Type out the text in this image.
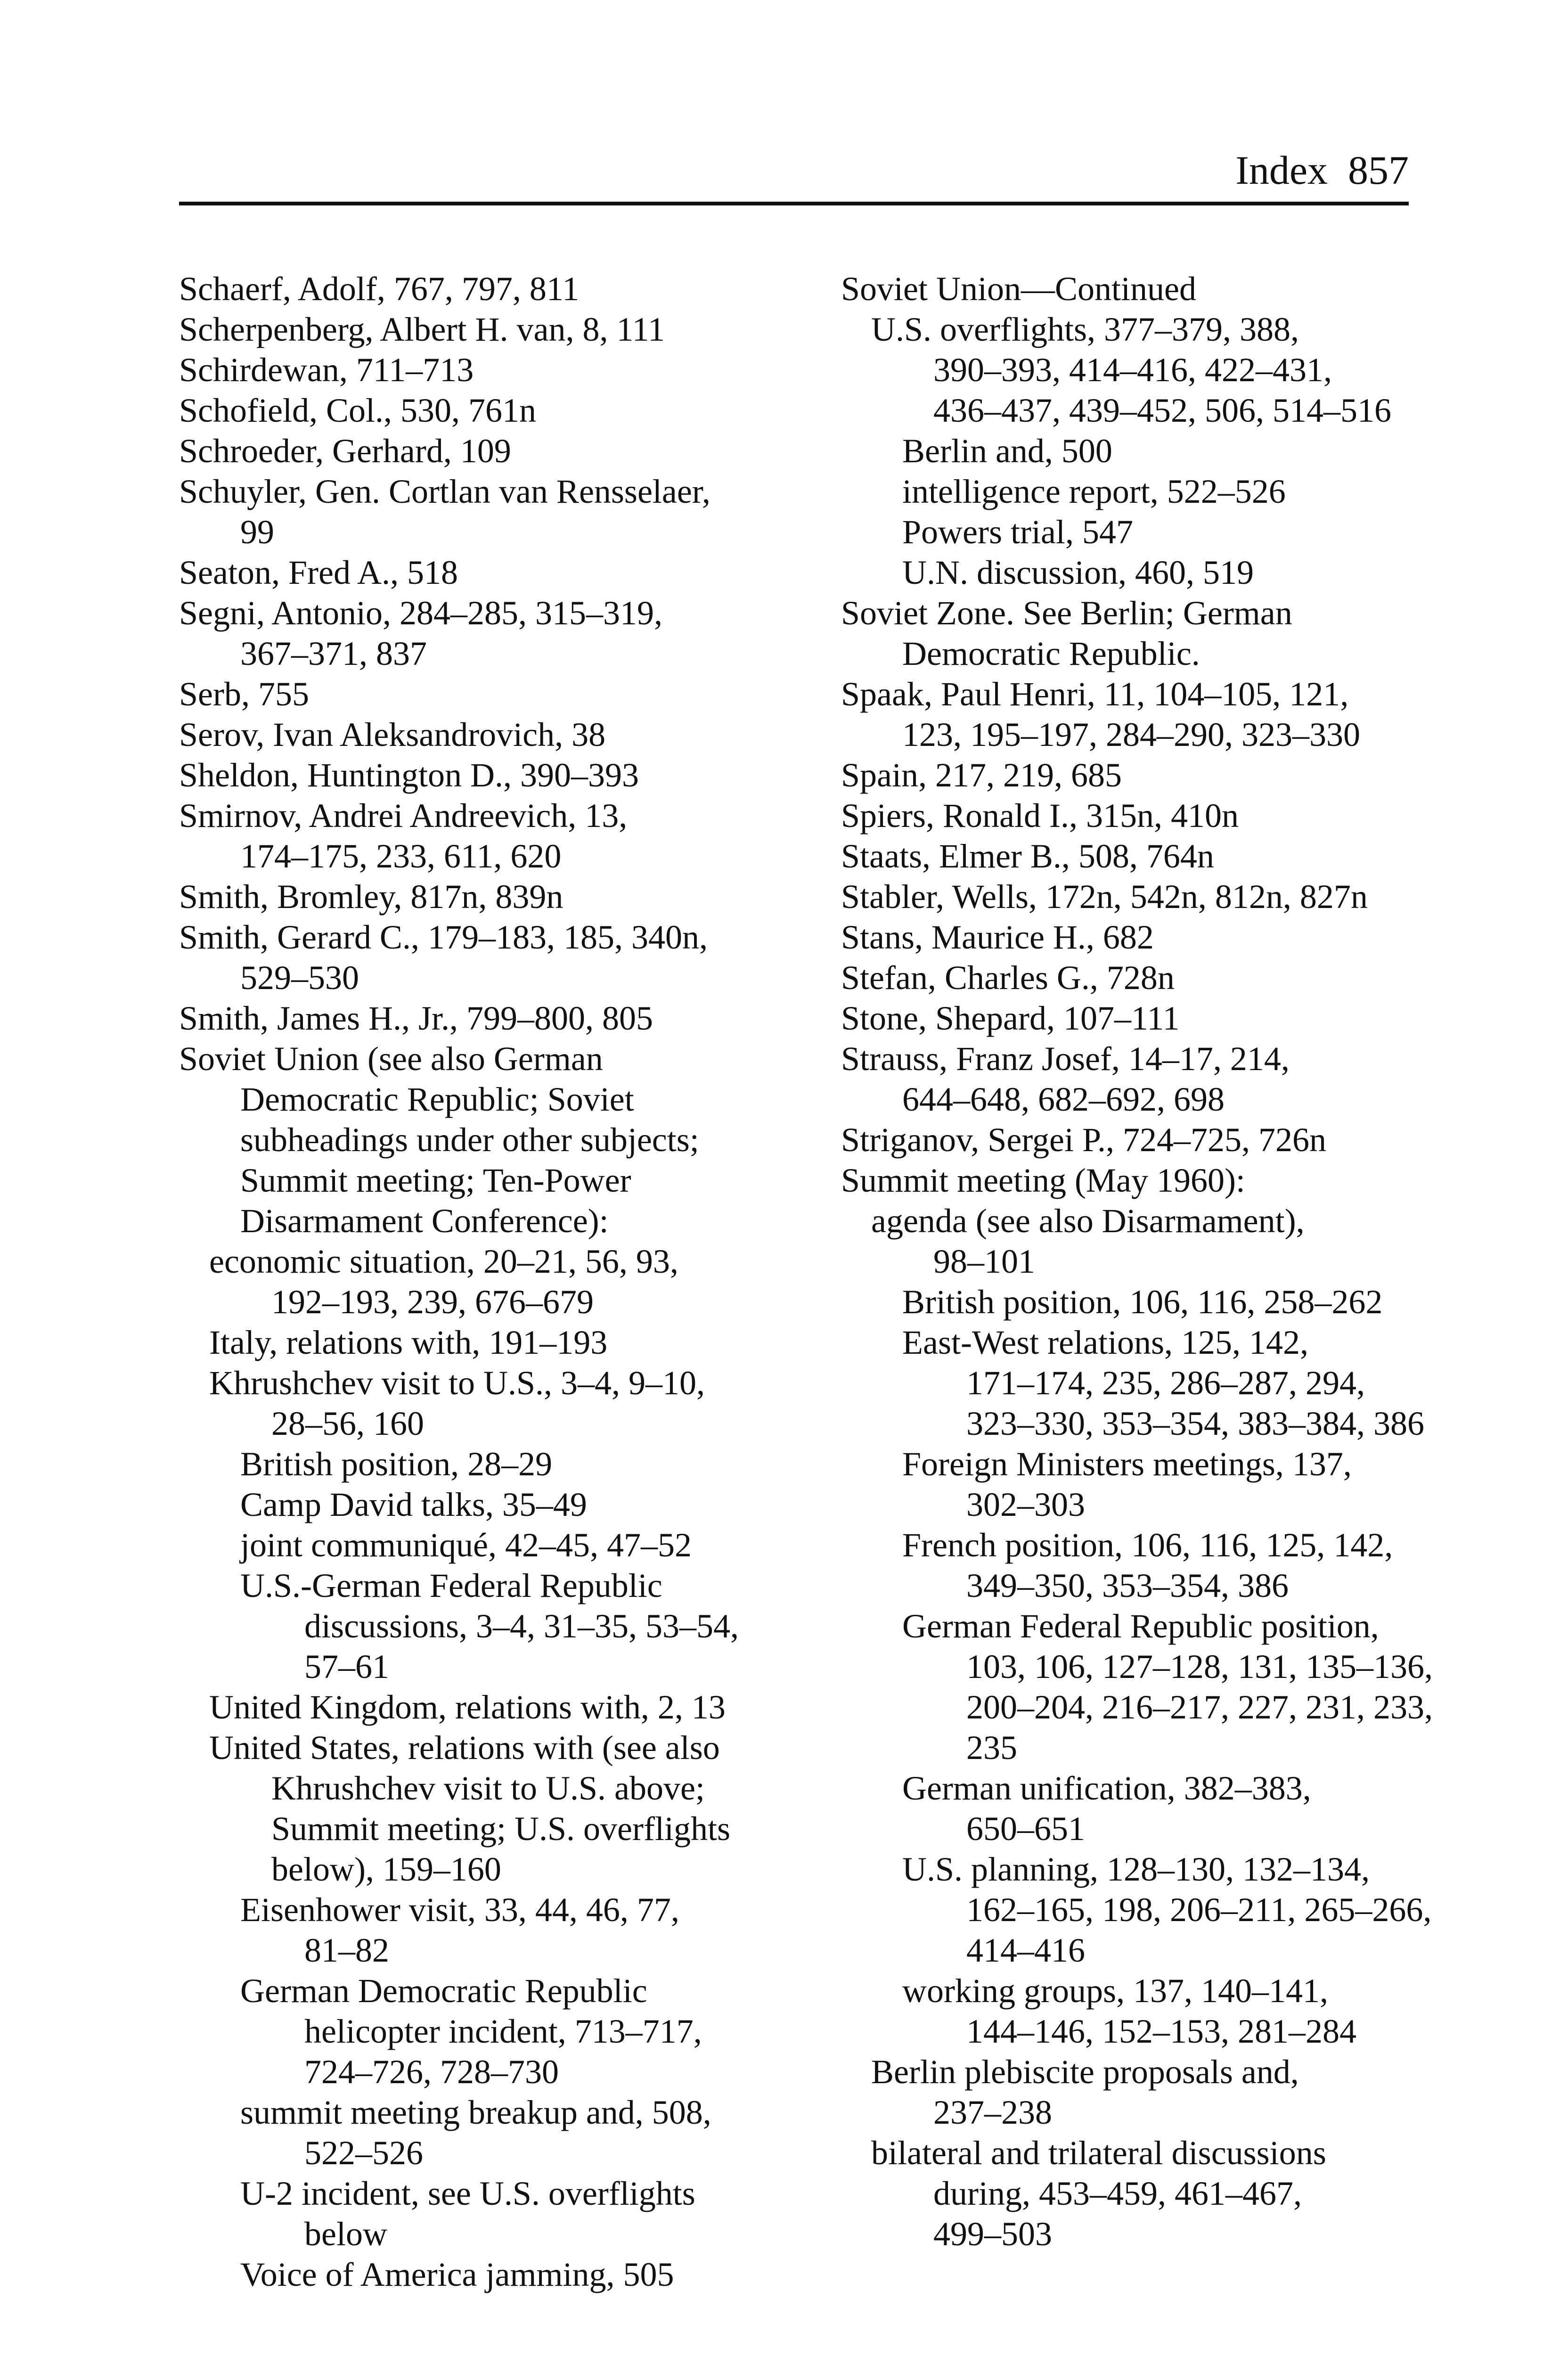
Index  857
Schaerf, Adolf, 767, 797, 811
Scherpenberg, Albert H. van, 8, 111
Schirdewan, 711–713
Schofield, Col., 530, 761n
Schroeder, Gerhard, 109
Schuyler, Gen. Cortlan van Rensselaer,
99
Seaton, Fred A., 518
Segni, Antonio, 284–285, 315–319,
367–371, 837
Serb, 755
Serov, Ivan Aleksandrovich, 38
Sheldon, Huntington D., 390–393
Smirnov, Andrei Andreevich, 13,
174–175, 233, 611, 620
Smith, Bromley, 817n, 839n
Smith, Gerard C., 179–183, 185, 340n,
529–530
Smith, James H., Jr., 799–800, 805
Soviet Union (see also German
Democratic Republic; Soviet
subheadings under other subjects;
Summit meeting; Ten-Power
Disarmament Conference):
economic situation, 20–21, 56, 93,
192–193, 239, 676–679
Italy, relations with, 191–193
Khrushchev visit to U.S., 3–4, 9–10,
28–56, 160
British position, 28–29
Camp David talks, 35–49
joint communiqué, 42–45, 47–52
U.S.-German Federal Republic
discussions, 3–4, 31–35, 53–54,
57–61
United Kingdom, relations with, 2, 13
United States, relations with (see also
Khrushchev visit to U.S. above;
Summit meeting; U.S. overflights
below), 159–160
Eisenhower visit, 33, 44, 46, 77,
81–82
German Democratic Republic
helicopter incident, 713–717,
724–726, 728–730
summit meeting breakup and, 508,
522–526
U-2 incident, see U.S. overflights
below
Voice of America jamming, 505
Soviet Union—Continued
U.S. overflights, 377–379, 388,
390–393, 414–416, 422–431,
436–437, 439–452, 506, 514–516
Berlin and, 500
intelligence report, 522–526
Powers trial, 547
U.N. discussion, 460, 519
Soviet Zone. See Berlin; German
Democratic Republic.
Spaak, Paul Henri, 11, 104–105, 121,
123, 195–197, 284–290, 323–330
Spain, 217, 219, 685
Spiers, Ronald I., 315n, 410n
Staats, Elmer B., 508, 764n
Stabler, Wells, 172n, 542n, 812n, 827n
Stans, Maurice H., 682
Stefan, Charles G., 728n
Stone, Shepard, 107–111
Strauss, Franz Josef, 14–17, 214,
644–648, 682–692, 698
Striganov, Sergei P., 724–725, 726n
Summit meeting (May 1960):
agenda (see also Disarmament),
98–101
British position, 106, 116, 258–262
East-West relations, 125, 142,
171–174, 235, 286–287, 294,
323–330, 353–354, 383–384, 386
Foreign Ministers meetings, 137,
302–303
French position, 106, 116, 125, 142,
349–350, 353–354, 386
German Federal Republic position,
103, 106, 127–128, 131, 135–136,
200–204, 216–217, 227, 231, 233,
235
German unification, 382–383,
650–651
U.S. planning, 128–130, 132–134,
162–165, 198, 206–211, 265–266,
414–416
working groups, 137, 140–141,
144–146, 152–153, 281–284
Berlin plebiscite proposals and,
237–238
bilateral and trilateral discussions
during, 453–459, 461–467,
499–503
